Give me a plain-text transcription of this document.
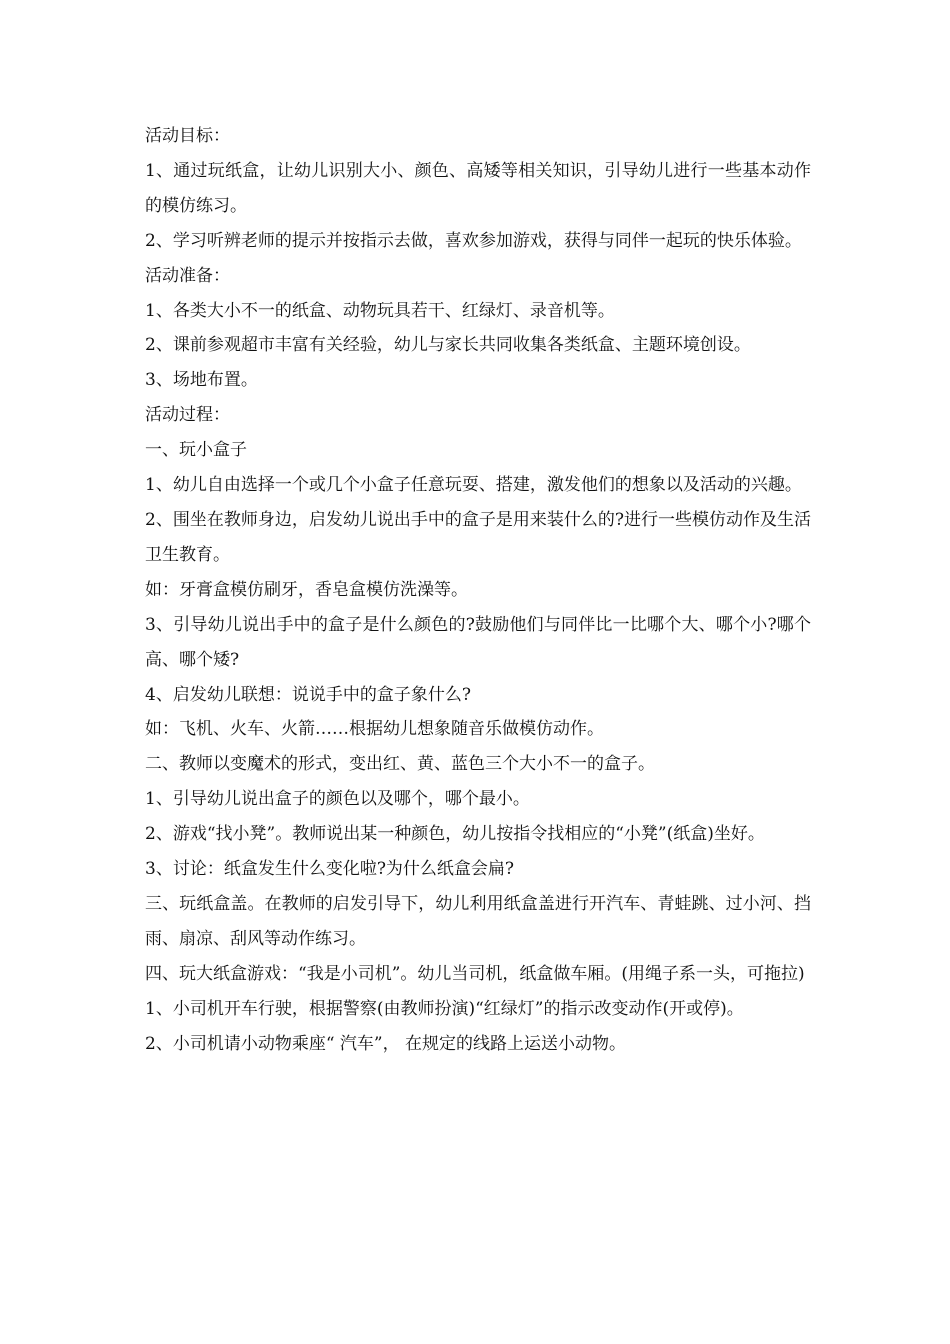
活动目标：

1、通过玩纸盒，让幼儿识别大小、颜色、高矮等相关知识，引导幼儿进行一些基本动作的模仿练习。

2、学习听辨老师的提示并按指示去做，喜欢参加游戏，获得与同伴一起玩的快乐体验。

活动准备：

1、各类大小不一的纸盒、动物玩具若干、红绿灯、录音机等。

2、课前参观超市丰富有关经验，幼儿与家长共同收集各类纸盒、主题环境创设。

3、场地布置。

活动过程：

一、玩小盒子

1、幼儿自由选择一个或几个小盒子任意玩耍、搭建，激发他们的想象以及活动的兴趣。

2、围坐在教师身边，启发幼儿说出手中的盒子是用来装什么的?进行一些模仿动作及生活卫生教育。

如：牙膏盒模仿刷牙，香皂盒模仿洗澡等。

3、引导幼儿说出手中的盒子是什么颜色的?鼓励他们与同伴比一比哪个大、哪个小?哪个高、哪个矮?

4、启发幼儿联想：说说手中的盒子象什么?

如：飞机、火车、火箭……根据幼儿想象随音乐做模仿动作。

二、教师以变魔术的形式，变出红、黄、蓝色三个大小不一的盒子。

1、引导幼儿说出盒子的颜色以及哪个，哪个最小。

2、游戏“找小凳”。教师说出某一种颜色，幼儿按指令找相应的“小凳”(纸盒)坐好。

3、讨论：纸盒发生什么变化啦?为什么纸盒会扁?

三、玩纸盒盖。在教师的启发引导下，幼儿利用纸盒盖进行开汽车、青蛙跳、过小河、挡雨、扇凉、刮风等动作练习。

四、玩大纸盒游戏：“我是小司机”。幼儿当司机，纸盒做车厢。(用绳子系一头，可拖拉)

1、小司机开车行驶，根据警察(由教师扮演)“红绿灯”的指示改变动作(开或停)。

2、小司机请小动物乘座“ 汽车”， 在规定的线路上运送小动物。
